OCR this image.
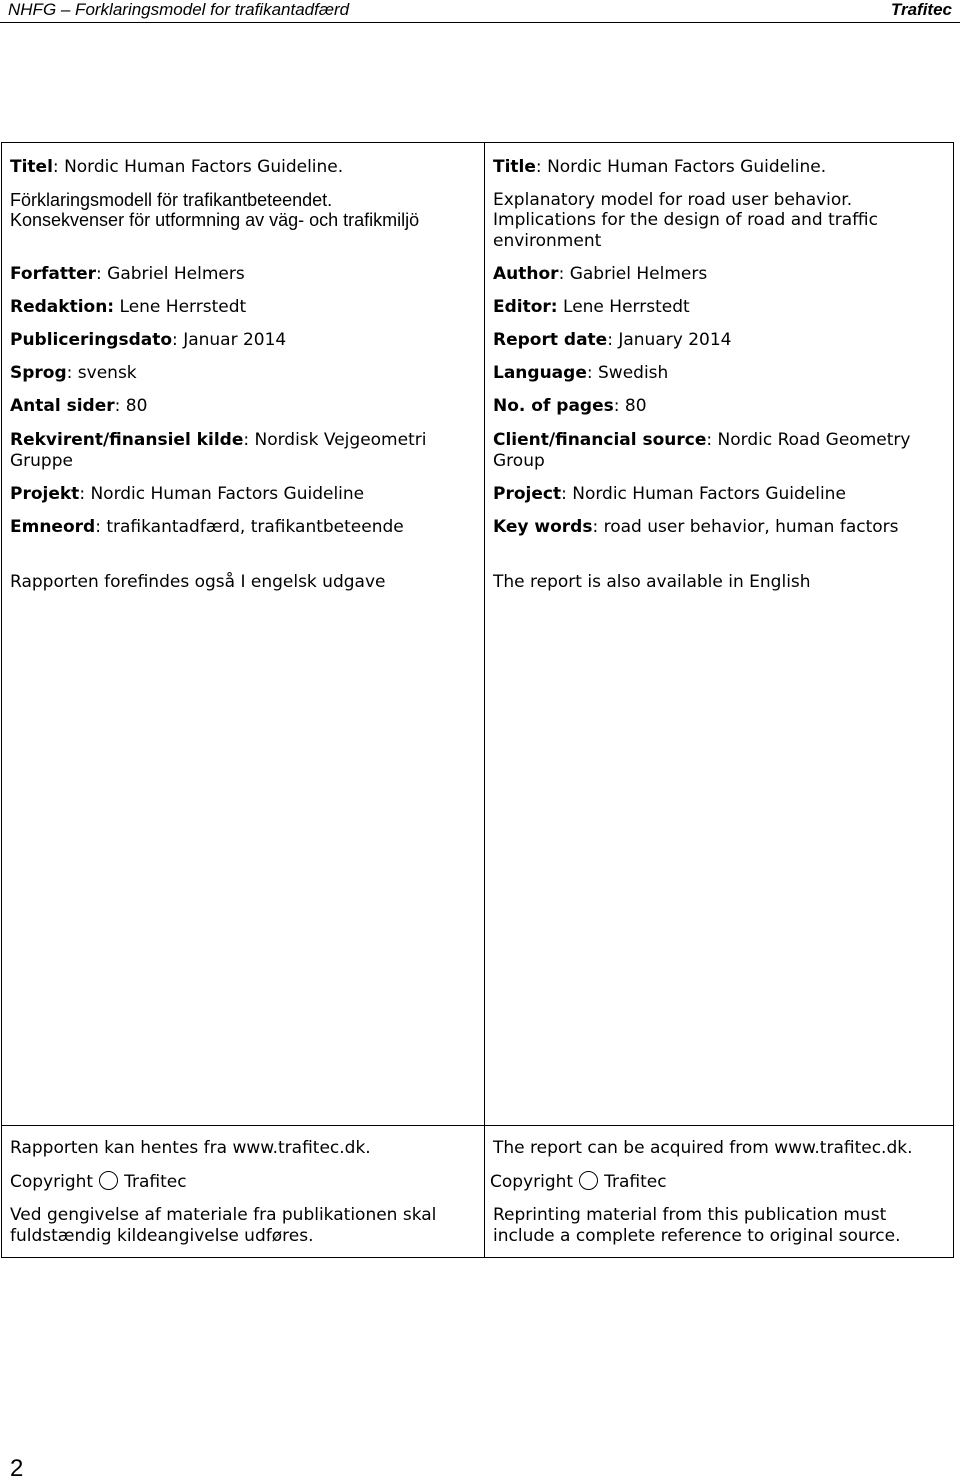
NHFG – Forklaringsmodel for trafikantadfærd	Trafitec
Titel: Nordic Human Factors Guideline.
Förklaringsmodell för trafikantbeteendet.
Konsekvenser för utformning av väg- och trafikmiljö
Forfatter: Gabriel Helmers
Redaktion: Lene Herrstedt
Publiceringsdato: Januar 2014
Sprog: svensk
Antal sider: 80
Rekvirent/finansiel kilde: Nordisk Vejgeometri
Gruppe
Projekt: Nordic Human Factors Guideline
Emneord: trafikantadfærd, trafikantbeteende
Rapporten forefindes også I engelsk udgave
Rapporten kan hentes fra www.trafitec.dk.
Copyright Trafitec
Ved gengivelse af materiale fra publikationen skal
fuldstændig kildeangivelse udføres.
Title: Nordic Human Factors Guideline.
Explanatory model for road user behavior.
Implications for the design of road and traffic
environment
Author: Gabriel Helmers
Editor: Lene Herrstedt
Report date: January 2014
Language: Swedish
No. of pages: 80
Client/financial source: Nordic Road Geometry
Group
Project: Nordic Human Factors Guideline
Key words: road user behavior, human factors
The report is also available in English
The report can be acquired from www.trafitec.dk.
Copyright Trafitec
Reprinting material from this publication must
include a complete reference to original source.
2
